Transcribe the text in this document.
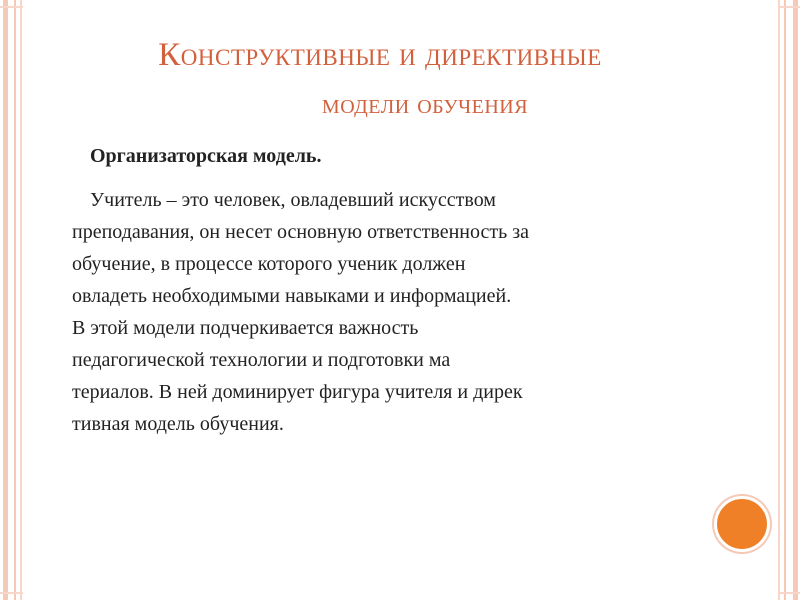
Конструктивные и директивные
модели обучения
Организаторская модель.

Учитель – это человек, овладевший искусством
преподавания, он несет основную ответственность за
обучение, в процессе которого ученик должен
овладеть необходимыми навыками и информацией.

В этой модели подчеркивается важность
педагогической технологии и подготовки ма
териалов. В ней доминирует фигура учителя и дирек
тивная модель обучения.
